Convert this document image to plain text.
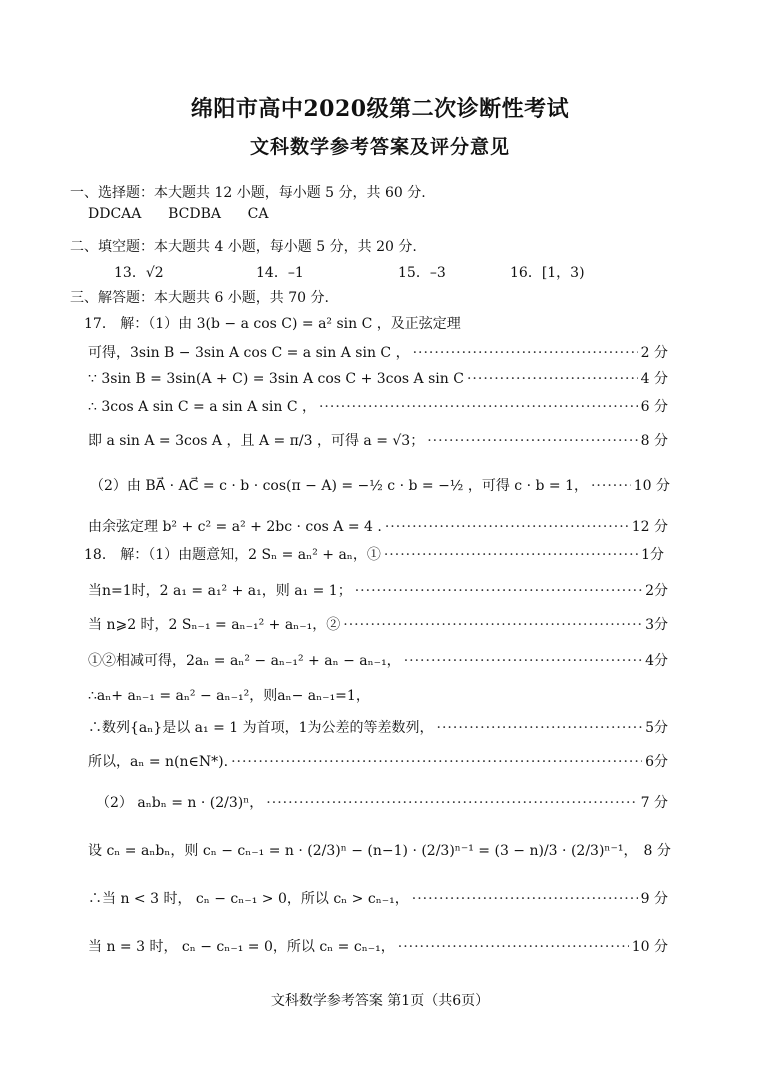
绵阳市高中2020级第二次诊断性考试
文科数学参考答案及评分意见
一、选择题：本大题共 12 小题，每小题 5 分，共 60 分.
DDCAA      BCDBA      CA
二、填空题：本大题共 4 小题，每小题 5 分，共 20 分.
13．√2	14．–1	15．–3	16．[1，3)
三、解答题：本大题共 6 小题，共 70 分.
17． 解：（1）由 3(b − a cos C) = a² sin C ，及正弦定理
可得，3sin B − 3sin A cos C = a sin A sin C ， ·····	2 分
∵ 3sin B = 3sin(A + C) = 3sin A cos C + 3cos A sin C ·····	4 分
∴ 3cos A sin C = a sin A sin C ， ·····	6 分
即 a sin A = 3cos A ，且 A = π/3 ，可得 a = √3； ·····	8 分
（2）由 BA⃗ · AC⃗ = c · b · cos(π − A) = −½ c · b = −½ ，可得 c · b = 1， ·····	10 分
由余弦定理 b² + c² = a² + 2bc · cos A = 4 . ·····	12 分
18． 解：（1）由题意知，2 Sₙ = aₙ² + aₙ，① ·····	1分
当n=1时，2 a₁ = a₁² + a₁，则 a₁ = 1； ·····	2分
当 n⩾2 时，2 Sₙ₋₁ = aₙ₋₁² + aₙ₋₁，② ·····	3分
①②相减可得，2aₙ = aₙ² − aₙ₋₁² + aₙ − aₙ₋₁， ·····	4分
∴aₙ+ aₙ₋₁ = aₙ² − aₙ₋₁²，则aₙ− aₙ₋₁=1，
∴数列{aₙ}是以 a₁ = 1 为首项，1为公差的等差数列， ·····	5分
所以，aₙ = n(n∈N*). ·····	6分
（2） aₙbₙ = n · (2/3)ⁿ， ·····	7 分
设 cₙ = aₙbₙ，则 cₙ − cₙ₋₁ = n · (2/3)ⁿ − (n−1) · (2/3)ⁿ⁻¹ = (3 − n)/3 · (2/3)ⁿ⁻¹， 8 分
∴当 n < 3 时， cₙ − cₙ₋₁ > 0，所以 cₙ > cₙ₋₁， ·····	9 分
当 n = 3 时， cₙ − cₙ₋₁ = 0，所以 cₙ = cₙ₋₁， ·····	10 分
文科数学参考答案 第1页（共6页）
